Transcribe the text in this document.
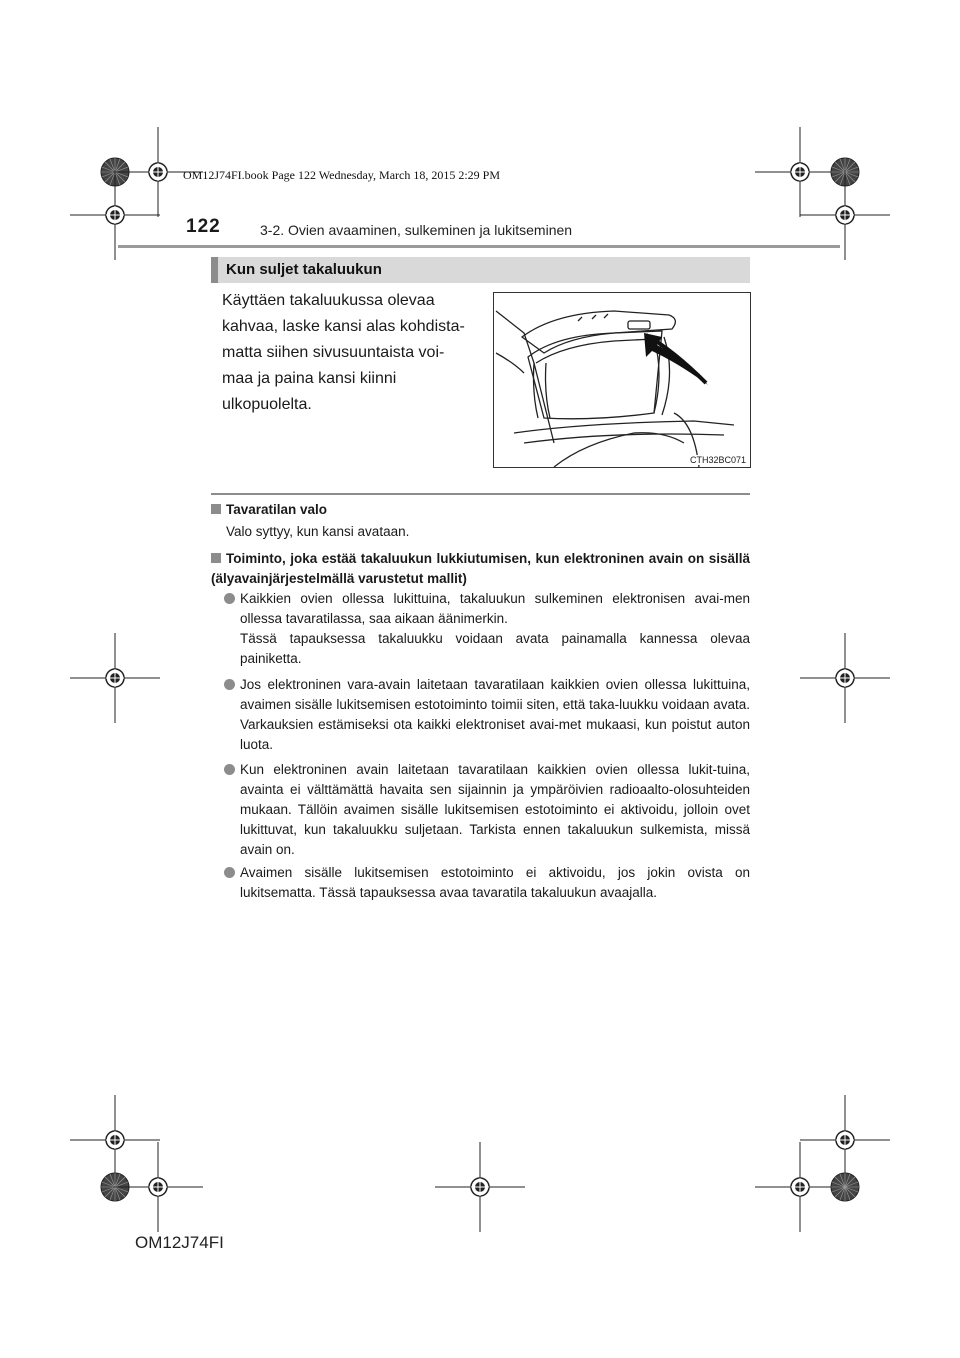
OM12J74FI.book Page 122 Wednesday, March 18, 2015 2:29 PM
122	3-2. Ovien avaaminen, sulkeminen ja lukitseminen
Kun suljet takaluukun
Käyttäen takaluukussa olevaa
kahvaa, laske kansi alas kohdista-
matta siihen sivusuuntaista voi-
maa ja paina kansi kiinni
ulkopuolelta.
CTH32BC071
Tavaratilan valo
Valo syttyy, kun kansi avataan.
Toiminto, joka estää takaluukun lukkiutumisen, kun elektroninen avain on sisällä (älyavainjärjestelmällä varustetut mallit)
Kaikkien ovien ollessa lukittuina, takaluukun sulkeminen elektronisen avai-men ollessa tavaratilassa, saa aikaan äänimerkin.
Tässä tapauksessa takaluukku voidaan avata painamalla kannessa olevaa painiketta.
Jos elektroninen vara-avain laitetaan tavaratilaan kaikkien ovien ollessa lukittuina, avaimen sisälle lukitsemisen estotoiminto toimii siten, että taka-luukku voidaan avata. Varkauksien estämiseksi ota kaikki elektroniset avai-met mukaasi, kun poistut auton luota.
Kun elektroninen avain laitetaan tavaratilaan kaikkien ovien ollessa lukit-tuina, avainta ei välttämättä havaita sen sijainnin ja ympäröivien radioaalto-olosuhteiden mukaan. Tällöin avaimen sisälle lukitsemisen estotoiminto ei aktivoidu, jolloin ovet lukittuvat, kun takaluukku suljetaan. Tarkista ennen takaluukun sulkemista, missä avain on.
Avaimen sisälle lukitsemisen estotoiminto ei aktivoidu, jos jokin ovista on lukitsematta. Tässä tapauksessa avaa tavaratila takaluukun avaajalla.
OM12J74FI
